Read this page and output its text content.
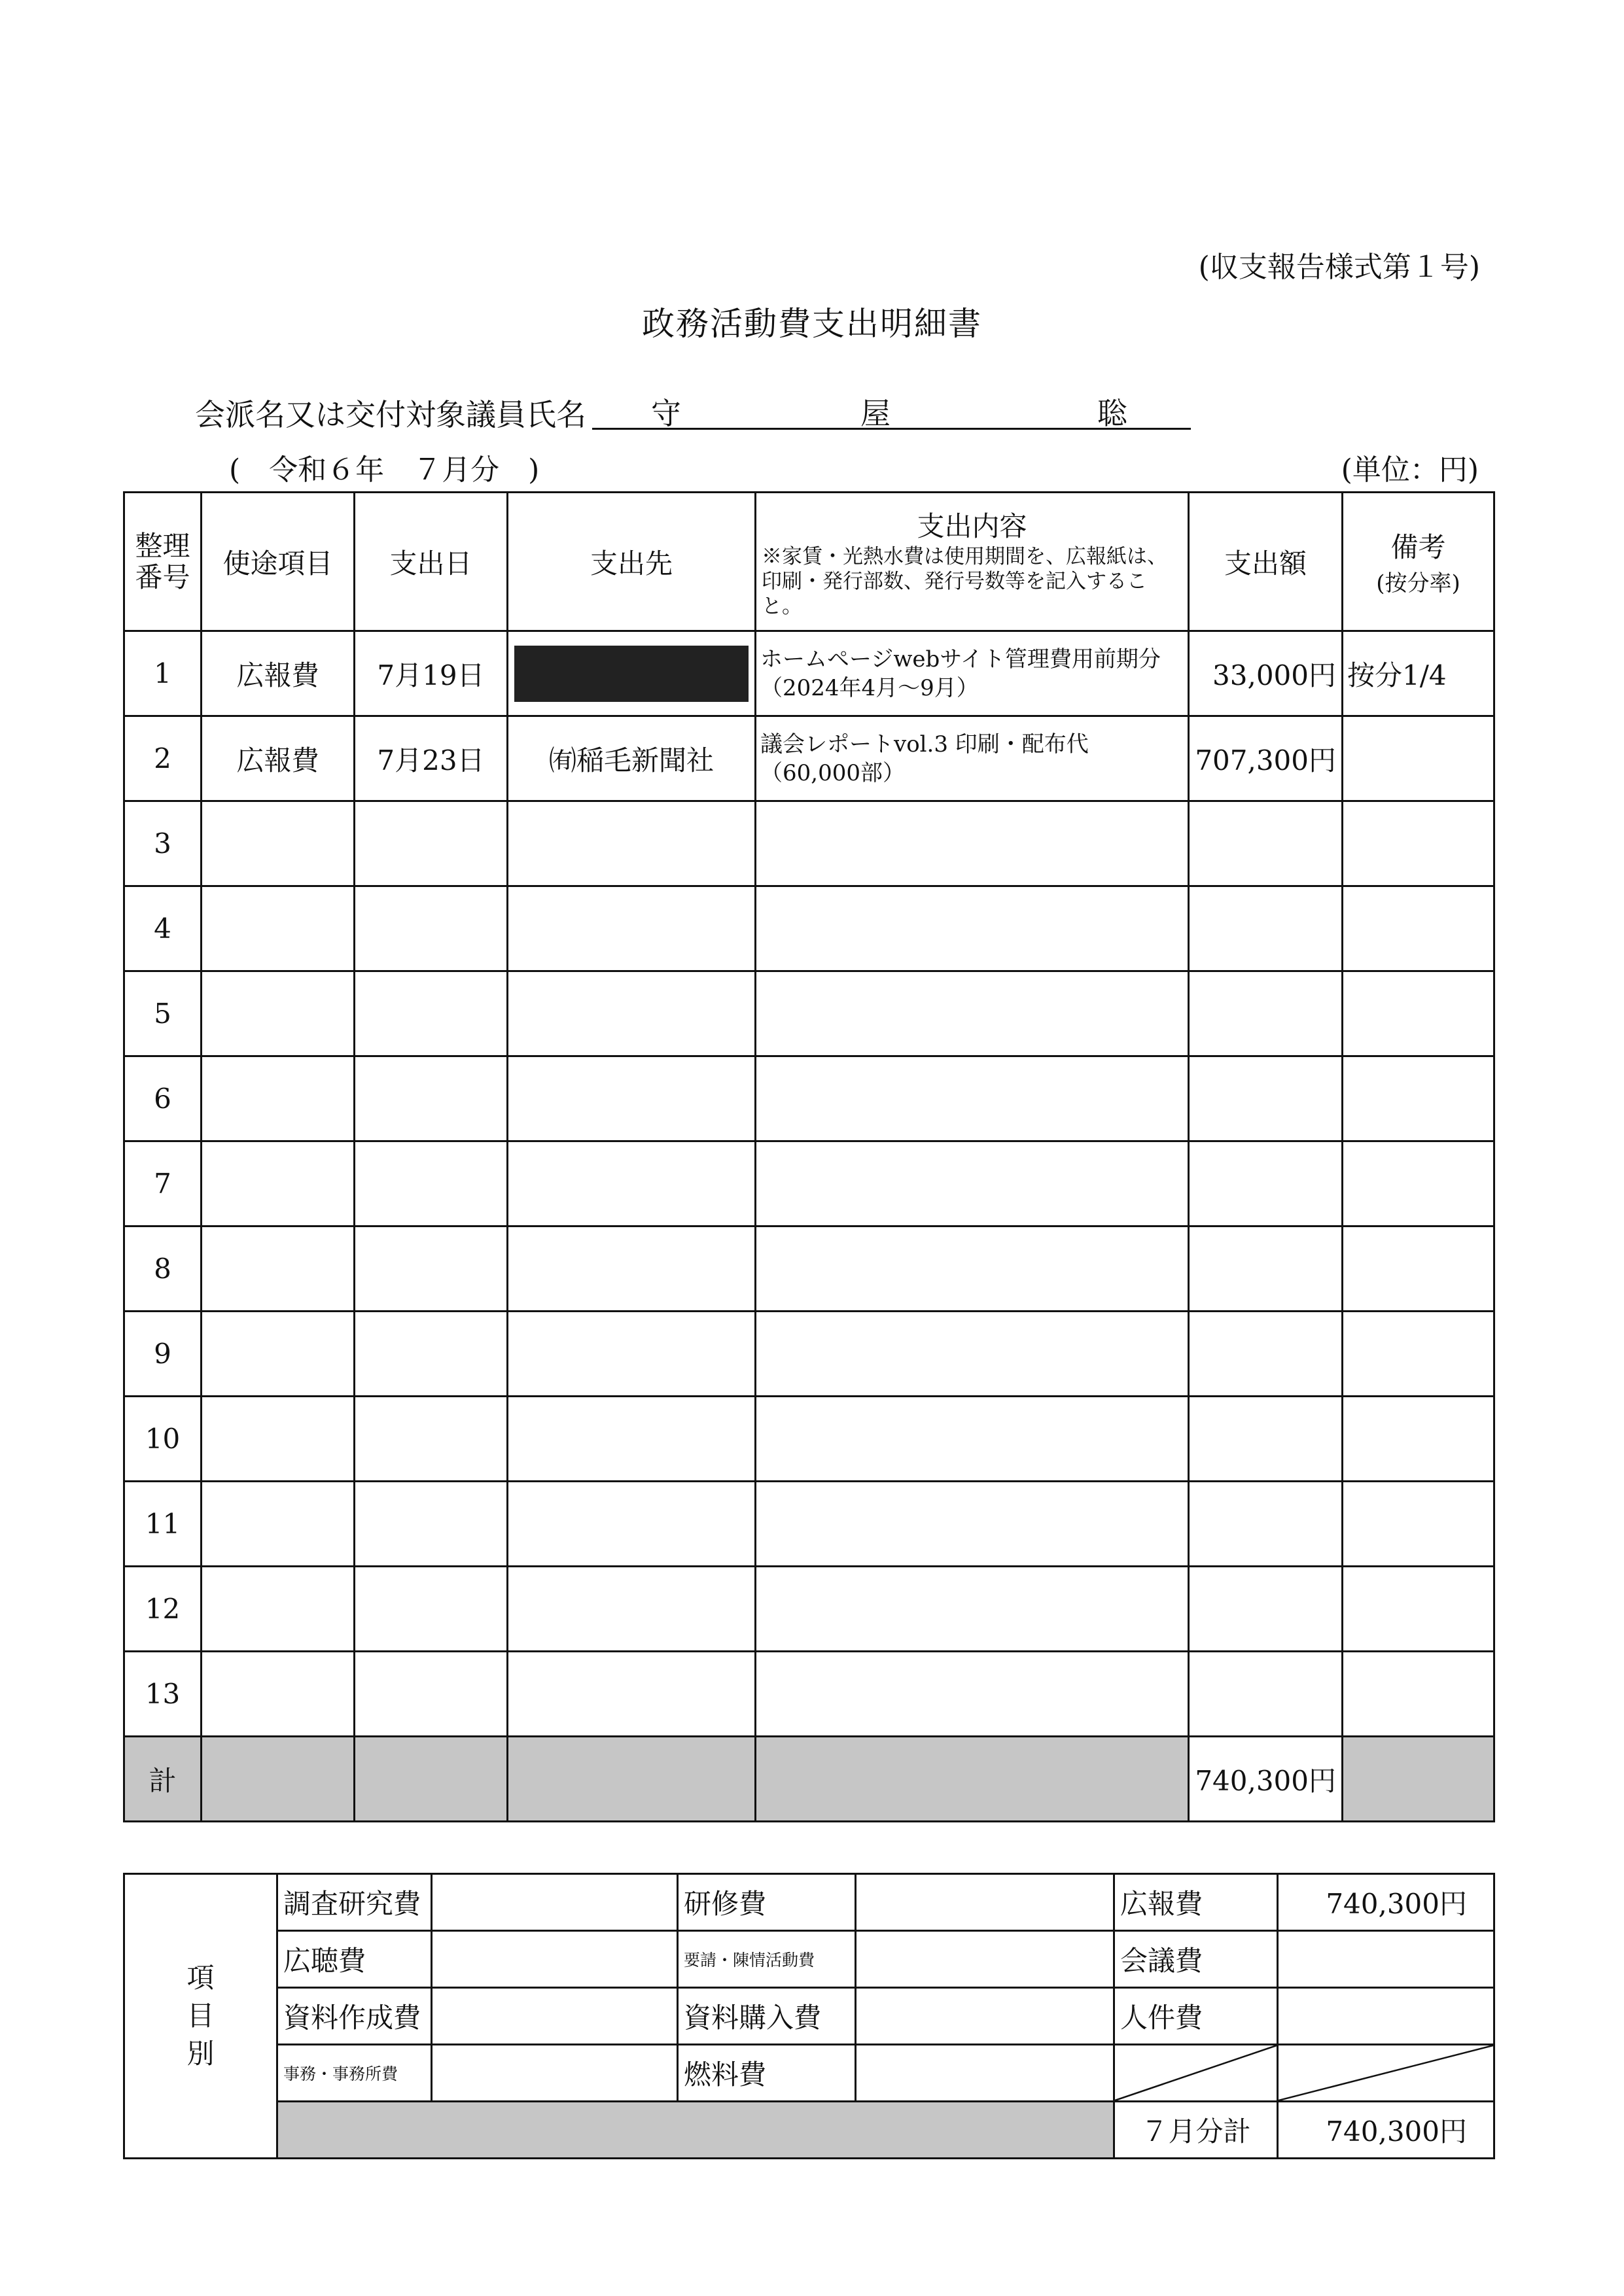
(収支報告様式第１号)
政務活動費支出明細書
会派名又は交付対象議員氏名 守	屋	聡
(　令和６年　７月分　)	(単位：円)
整理
番号	使途項目	支出日	支出先	支出内容
※家賃・光熱水費は使用期間を、広報紙は、印刷・発行部数、発行号数等を記入すること。	支出額	備考
(按分率)

1	広報費	7月19日		ホームページwebサイト管理費用前期分（2024年4月～9月）	33,000円	按分1/4
2	広報費	7月23日	㈲稲毛新聞社	議会レポートvol.3 印刷・配布代（60,000部）	707,300円	
3						
4						
5						
6						
7						
8						
9						
10						
11						
12						
13						
計					740,300円	
項
目
別	調査研究費		研修費		広報費	740,300円
	広聴費		要請・陳情活動費		会議費	
	資料作成費		資料購入費		人件費	
	事務・事務所費		燃料費		

					７月分計	740,300円
